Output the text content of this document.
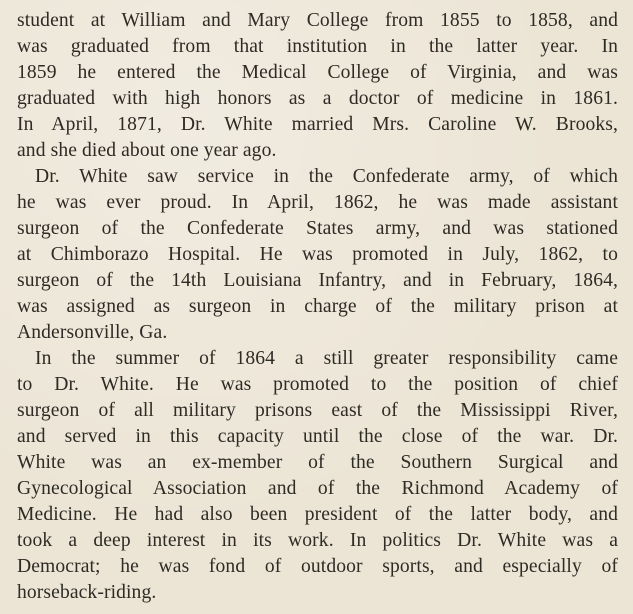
student at William and Mary College from 1855 to 1858, and
was graduated from that institution in the latter year. In
1859 he entered the Medical College of Virginia, and was
graduated with high honors as a doctor of medicine in 1861.
In April, 1871, Dr. White married Mrs. Caroline W. Brooks,
and she died about one year ago.
Dr. White saw service in the Confederate army, of which
he was ever proud. In April, 1862, he was made assistant
surgeon of the Confederate States army, and was stationed
at Chimborazo Hospital. He was promoted in July, 1862, to
surgeon of the 14th Louisiana Infantry, and in February, 1864,
was assigned as surgeon in charge of the military prison at
Andersonville, Ga.
In the summer of 1864 a still greater responsibility came
to Dr. White. He was promoted to the position of chief
surgeon of all military prisons east of the Mississippi River,
and served in this capacity until the close of the war. Dr.
White was an ex-member of the Southern Surgical and
Gynecological Association and of the Richmond Academy of
Medicine. He had also been president of the latter body, and
took a deep interest in its work. In politics Dr. White was a
Democrat; he was fond of outdoor sports, and especially of
horseback-riding.
